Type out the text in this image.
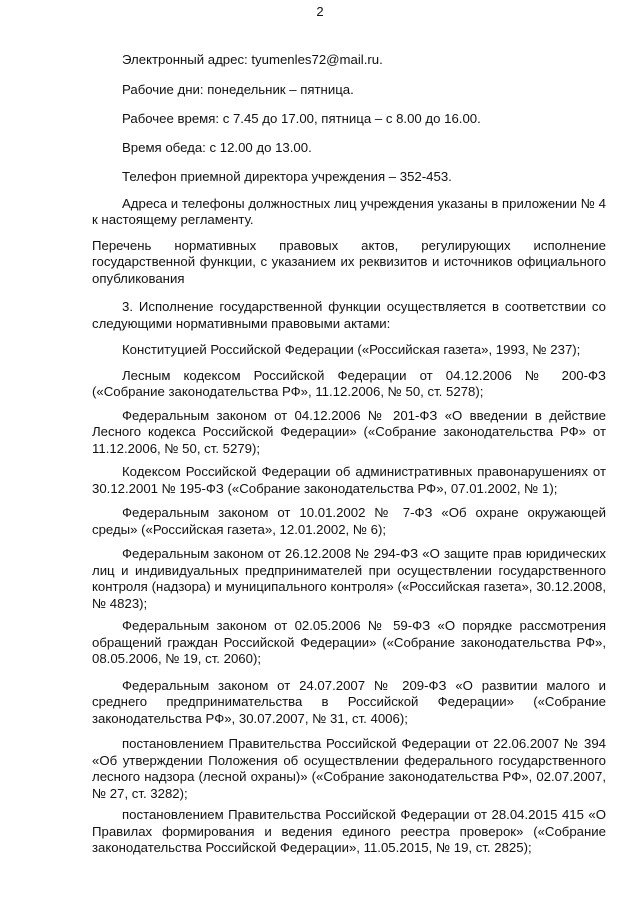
2

Электронный адрес: tyumenles72@mail.ru.

Рабочие дни: понедельник – пятница.

Рабочее время: с 7.45 до 17.00, пятница – с 8.00 до 16.00.

Время обеда: с 12.00 до 13.00.

Телефон приемной директора учреждения – 352-453.

Адреса и телефоны должностных лиц учреждения указаны в приложении № 4 к настоящему регламенту.

Перечень нормативных правовых актов, регулирующих исполнение государственной функции, с указанием их реквизитов и источников официального опубликования

3. Исполнение государственной функции осуществляется в соответствии со следующими нормативными правовыми актами:

Конституцией Российской Федерации («Российская газета», 1993, № 237);

Лесным кодексом Российской Федерации от 04.12.2006 № 200-ФЗ («Собрание законодательства РФ», 11.12.2006, № 50, ст. 5278);

Федеральным законом от 04.12.2006 № 201-ФЗ «О введении в действие Лесного кодекса Российской Федерации» («Собрание законодательства РФ» от 11.12.2006, № 50, ст. 5279);

Кодексом Российской Федерации об административных правонарушениях от 30.12.2001 № 195-ФЗ («Собрание законодательства РФ», 07.01.2002, № 1);

Федеральным законом от 10.01.2002 № 7-ФЗ «Об охране окружающей среды» («Российская газета», 12.01.2002, № 6);

Федеральным законом от 26.12.2008 № 294-ФЗ «О защите прав юридических лиц и индивидуальных предпринимателей при осуществлении государственного контроля (надзора) и муниципального контроля» («Российская газета», 30.12.2008, № 4823);

Федеральным законом от 02.05.2006 № 59-ФЗ «О порядке рассмотрения обращений граждан Российской Федерации» («Собрание законодательства РФ», 08.05.2006, № 19, ст. 2060);

Федеральным законом от 24.07.2007 № 209-ФЗ «О развитии малого и среднего предпринимательства в Российской Федерации» («Собрание законодательства РФ», 30.07.2007, № 31, ст. 4006);

постановлением Правительства Российской Федерации от 22.06.2007 № 394 «Об утверждении Положения об осуществлении федерального государственного лесного надзора (лесной охраны)» («Собрание законодательства РФ», 02.07.2007, № 27, ст. 3282);

постановлением Правительства Российской Федерации от 28.04.2015 415 «О Правилах формирования и ведения единого реестра проверок» («Собрание законодательства Российской Федерации», 11.05.2015, № 19, ст. 2825);
